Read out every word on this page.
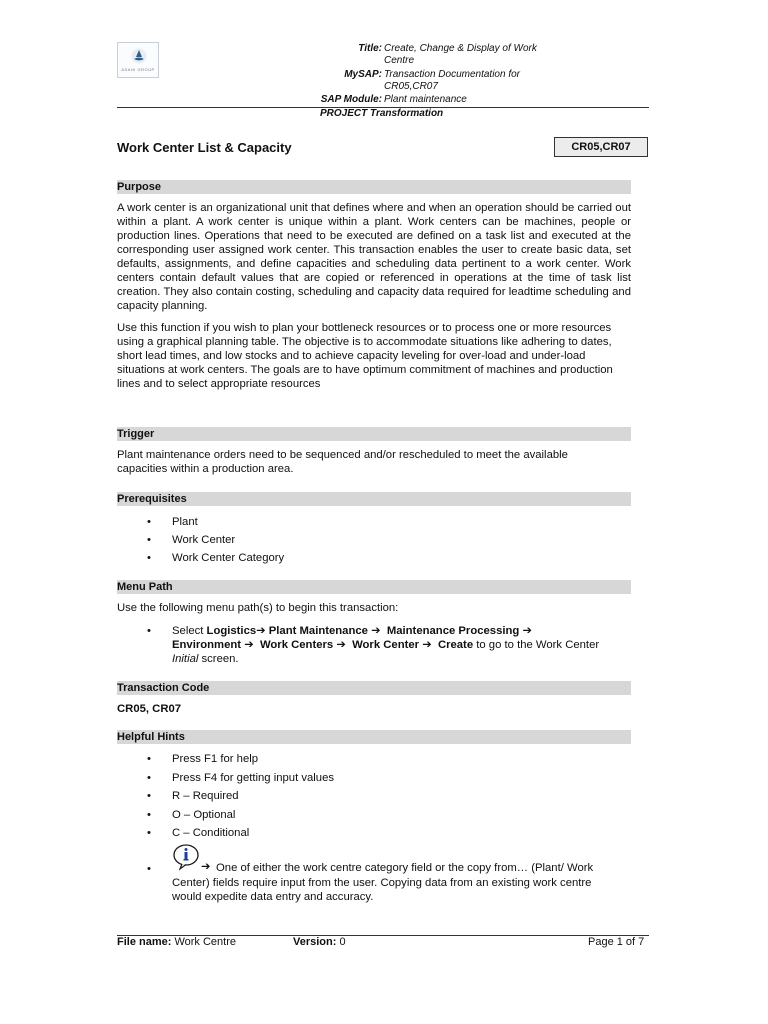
ASAHI GROUP
Title: Create, Change & Display of Work Centre
MySAP: Transaction Documentation for CR05,CR07
SAP Module: Plant maintenance
PROJECT Transformation
Work Center List & Capacity	CR05,CR07
Purpose
A work center is an organizational unit that defines where and when an operation should be carried out within a plant. A work center is unique within a plant. Work centers can be machines, people or production lines. Operations that need to be executed are defined on a task list and executed at the corresponding user assigned work center. This transaction enables the user to create basic data, set defaults, assignments, and define capacities and scheduling data pertinent to a work center. Work centers contain default values that are copied or referenced in operations at the time of task list creation. They also contain costing, scheduling and capacity data required for leadtime scheduling and capacity planning.
Use this function if you wish to plan your bottleneck resources or to process one or more resources using a graphical planning table. The objective is to accommodate situations like adhering to dates, short lead times, and low stocks and to achieve capacity leveling for over-load and under-load situations at work centers. The goals are to have optimum commitment of machines and production lines and to select appropriate resources
Trigger
Plant maintenance orders need to be sequenced and/or rescheduled to meet the available capacities within a production area.
Prerequisites
• Plant
• Work Center
• Work Center Category
Menu Path
Use the following menu path(s) to begin this transaction:
• Select Logistics➔ Plant Maintenance ➔ Maintenance Processing ➔
Environment ➔ Work Centers ➔ Work Center ➔ Create to go to the Work Center
Initial screen.
Transaction Code
CR05, CR07
Helpful Hints
• Press F1 for help
• Press F4 for getting input values
• R – Required
• O – Optional
• C – Conditional
•	➔ One of either the work centre category field or the copy from… (Plant/ Work
Center) fields require input from the user. Copying data from an existing work centre
would expedite data entry and accuracy.
File name: Work Centre	Version: 0	Page 1 of 7
